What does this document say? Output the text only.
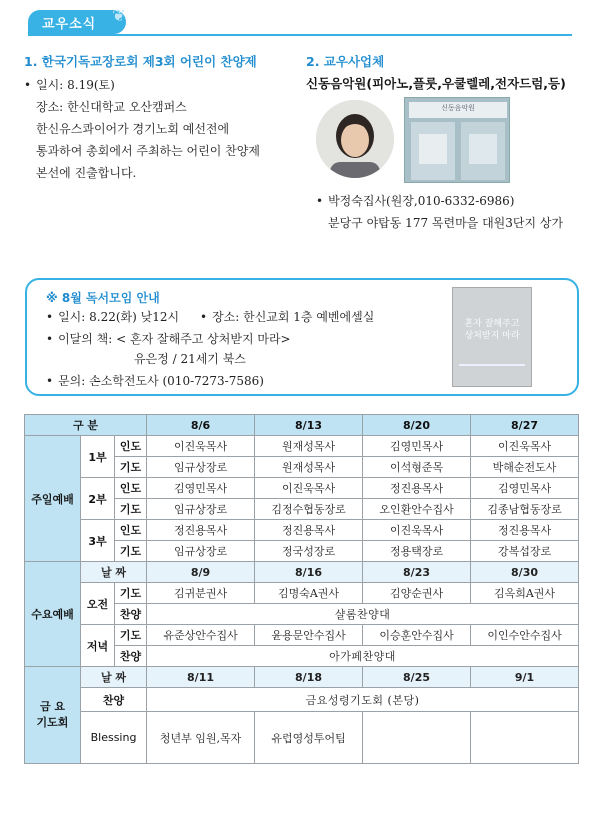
교우소식 ❦
1. 한국기독교장로회 제3회 어린이 찬양제
• 일시: 8.19(토)
장소: 한신대학교 오산캠퍼스
한신유스콰이어가 경기노회 예선전에
통과하여 총회에서 주최하는 어린이 찬양제
본선에 진출합니다.
2. 교우사업체
신동음악원(피아노,플룻,우쿨렐레,전자드럼,등)
신동음악원
• 박정숙집사(원장,010-6332-6986)
분당구 야탑동 177 목련마을 대원3단지 상가
※ 8월 독서모임 안내
• 일시: 8.22(화) 낮12시	• 장소: 한신교회 1층 예벤에셀실
• 이달의 책: < 혼자 잘해주고 상처받지 마라>
유은정 / 21세기 북스
• 문의: 손소학전도사 (010-7273-7586)
혼자 잘해주고 상처받지 마라
구 분			8/6	8/13	8/20	8/27
주일예배	1부	인도	이진욱목사	원재성목사	김영민목사	이진욱목사
		기도	임규상장로	원재성목사	이석형준목	박해순전도사
	2부	인도	김영민목사	이진욱목사	정진용목사	김영민목사
		기도	임규상장로	김정수협동장로	오인환안수집사	김종남협동장로
	3부	인도	정진용목사	정진용목사	이진욱목사	정진용목사
		기도	임규상장로	정국성장로	정용택장로	강복섭장로
수요예배	날 짜		8/9	8/16	8/23	8/30
	오전	기도	김귀분권사	김명숙A권사	김양순권사	김옥희A권사
		찬양	샬롬찬양대			
	저녁	기도	유준상안수집사	윤용문안수집사	이승훈안수집사	이인수안수집사
		찬양	아가페찬양대			
금 요
기도회	날 짜		8/11	8/18	8/25	9/1
	찬양		금요성령기도회 (본당)			
	Blessing		청년부 임원,목자	유럽영성투어팀		
